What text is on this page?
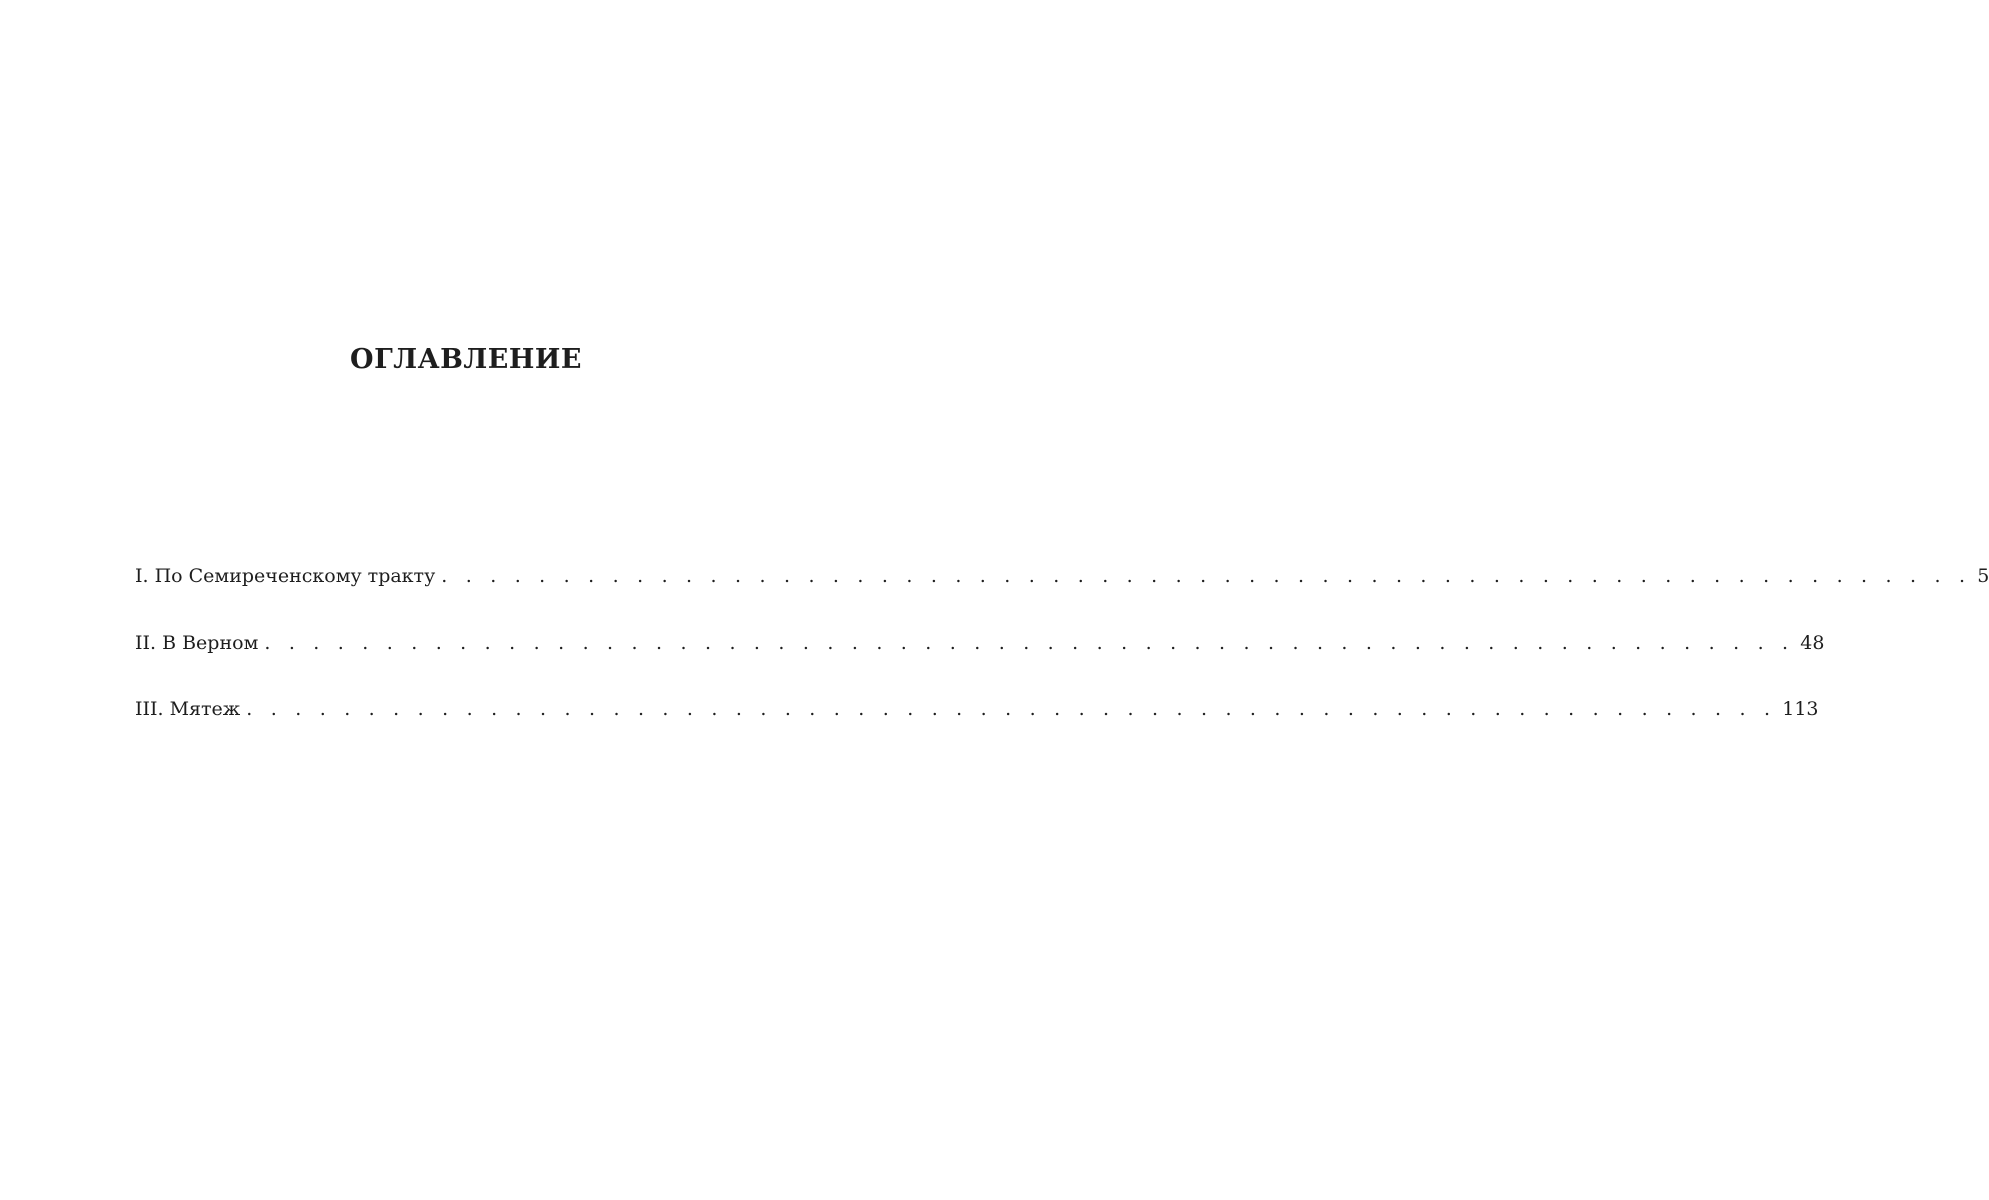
ОГЛАВЛЕНИЕ
I. По Семиреченскому тракту . . . . . . . . . . . . . . . . . . . . . . . . . . . . . . . . . . . . . . . . . . . . . . . . . . . . . . . . . . . . . . . 5
II. В Верном . . . . . . . . . . . . . . . . . . . . . . . . . . . . . . . . . . . . . . . . . . . . . . . . . . . . . . . . . . . . . . . 48
III. Мятеж . . . . . . . . . . . . . . . . . . . . . . . . . . . . . . . . . . . . . . . . . . . . . . . . . . . . . . . . . . . . . . . 113
